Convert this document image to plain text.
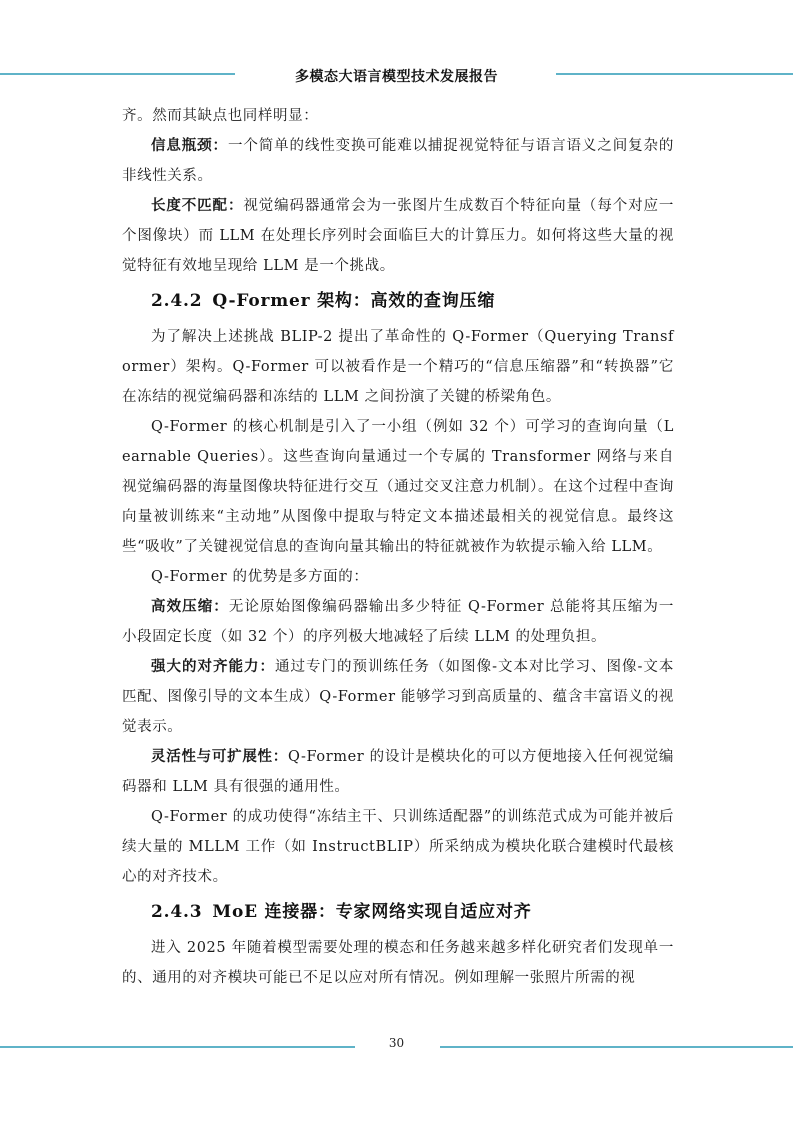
多模态大语言模型技术发展报告

齐。然而其缺点也同样明显：

信息瓶颈：一个简单的线性变换可能难以捕捉视觉特征与语言语义之间复杂的非线性关系。

长度不匹配：视觉编码器通常会为一张图片生成数百个特征向量（每个对应一个图像块）而 LLM 在处理长序列时会面临巨大的计算压力。如何将这些大量的视觉特征有效地呈现给 LLM 是一个挑战。

2.4.2 Q-Former 架构：高效的查询压缩

为了解决上述挑战 BLIP-2 提出了革命性的 Q-Former（Querying Transformer）架构。Q-Former 可以被看作是一个精巧的“信息压缩器”和“转换器”它在冻结的视觉编码器和冻结的 LLM 之间扮演了关键的桥梁角色。

Q-Former 的核心机制是引入了一小组（例如 32 个）可学习的查询向量（Learnable Queries）。这些查询向量通过一个专属的 Transformer 网络与来自视觉编码器的海量图像块特征进行交互（通过交叉注意力机制）。在这个过程中查询向量被训练来“主动地”从图像中提取与特定文本描述最相关的视觉信息。最终这些“吸收”了关键视觉信息的查询向量其输出的特征就被作为软提示输入给 LLM。

Q-Former 的优势是多方面的：

高效压缩：无论原始图像编码器输出多少特征 Q-Former 总能将其压缩为一小段固定长度（如 32 个）的序列极大地减轻了后续 LLM 的处理负担。

强大的对齐能力：通过专门的预训练任务（如图像-文本对比学习、图像-文本匹配、图像引导的文本生成）Q-Former 能够学习到高质量的、蕴含丰富语义的视觉表示。

灵活性与可扩展性：Q-Former 的设计是模块化的可以方便地接入任何视觉编码器和 LLM 具有很强的通用性。

Q-Former 的成功使得“冻结主干、只训练适配器”的训练范式成为可能并被后续大量的 MLLM 工作（如 InstructBLIP）所采纳成为模块化联合建模时代最核心的对齐技术。

2.4.3 MoE 连接器：专家网络实现自适应对齐

进入 2025 年随着模型需要处理的模态和任务越来越多样化研究者们发现单一的、通用的对齐模块可能已不足以应对所有情况。例如理解一张照片所需的视

30
